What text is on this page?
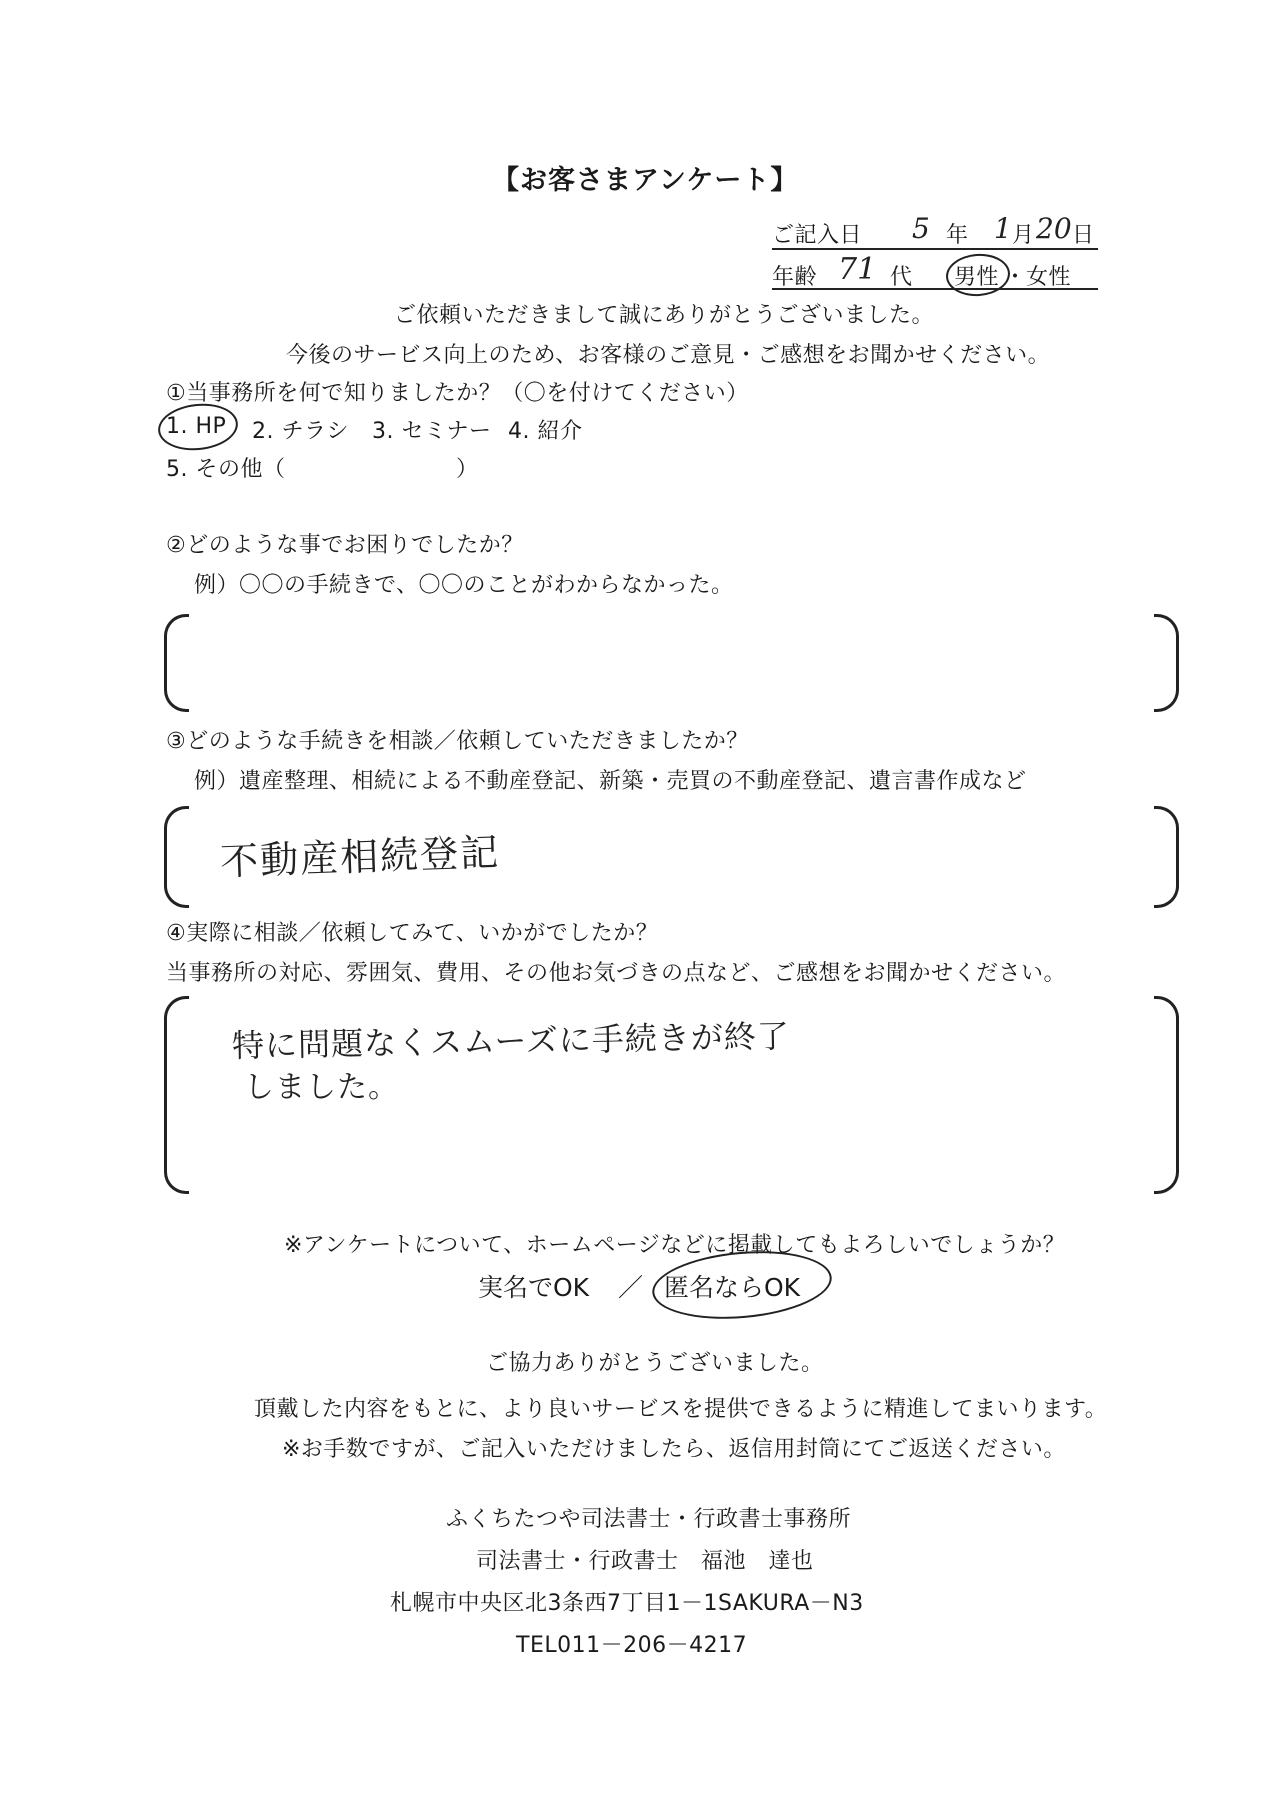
【お客さまアンケート】
ご記入日 5 年 1 月 20 日
年齢 71 代 男性 ・ 女性
ご依頼いただきまして誠にありがとうございました。
今後のサービス向上のため、お客様のご意見・ご感想をお聞かせください。
①当事務所を何で知りましたか？（〇を付けてください）
1. HP 2. チラシ 3. セミナー 4. 紹介
5. その他（	）
②どのような事でお困りでしたか？
例）〇〇の手続きで、〇〇のことがわからなかった。
③どのような手続きを相談／依頼していただきましたか？
例）遺産整理、相続による不動産登記、新築・売買の不動産登記、遺言書作成など
不動産相続登記
④実際に相談／依頼してみて、いかがでしたか？
当事務所の対応、雰囲気、費用、その他お気づきの点など、ご感想をお聞かせください。
特に問題なくスムーズに手続きが終了
しました。
※アンケートについて、ホームページなどに掲載してもよろしいでしょうか？
実名でOK ／ 匿名ならOK
ご協力ありがとうございました。
頂戴した内容をもとに、より良いサービスを提供できるように精進してまいります。
※お手数ですが、ご記入いただけましたら、返信用封筒にてご返送ください。
ふくちたつや司法書士・行政書士事務所
司法書士・行政書士　福池　達也
札幌市中央区北3条西7丁目1－1SAKURA－N3
TEL011－206－4217
